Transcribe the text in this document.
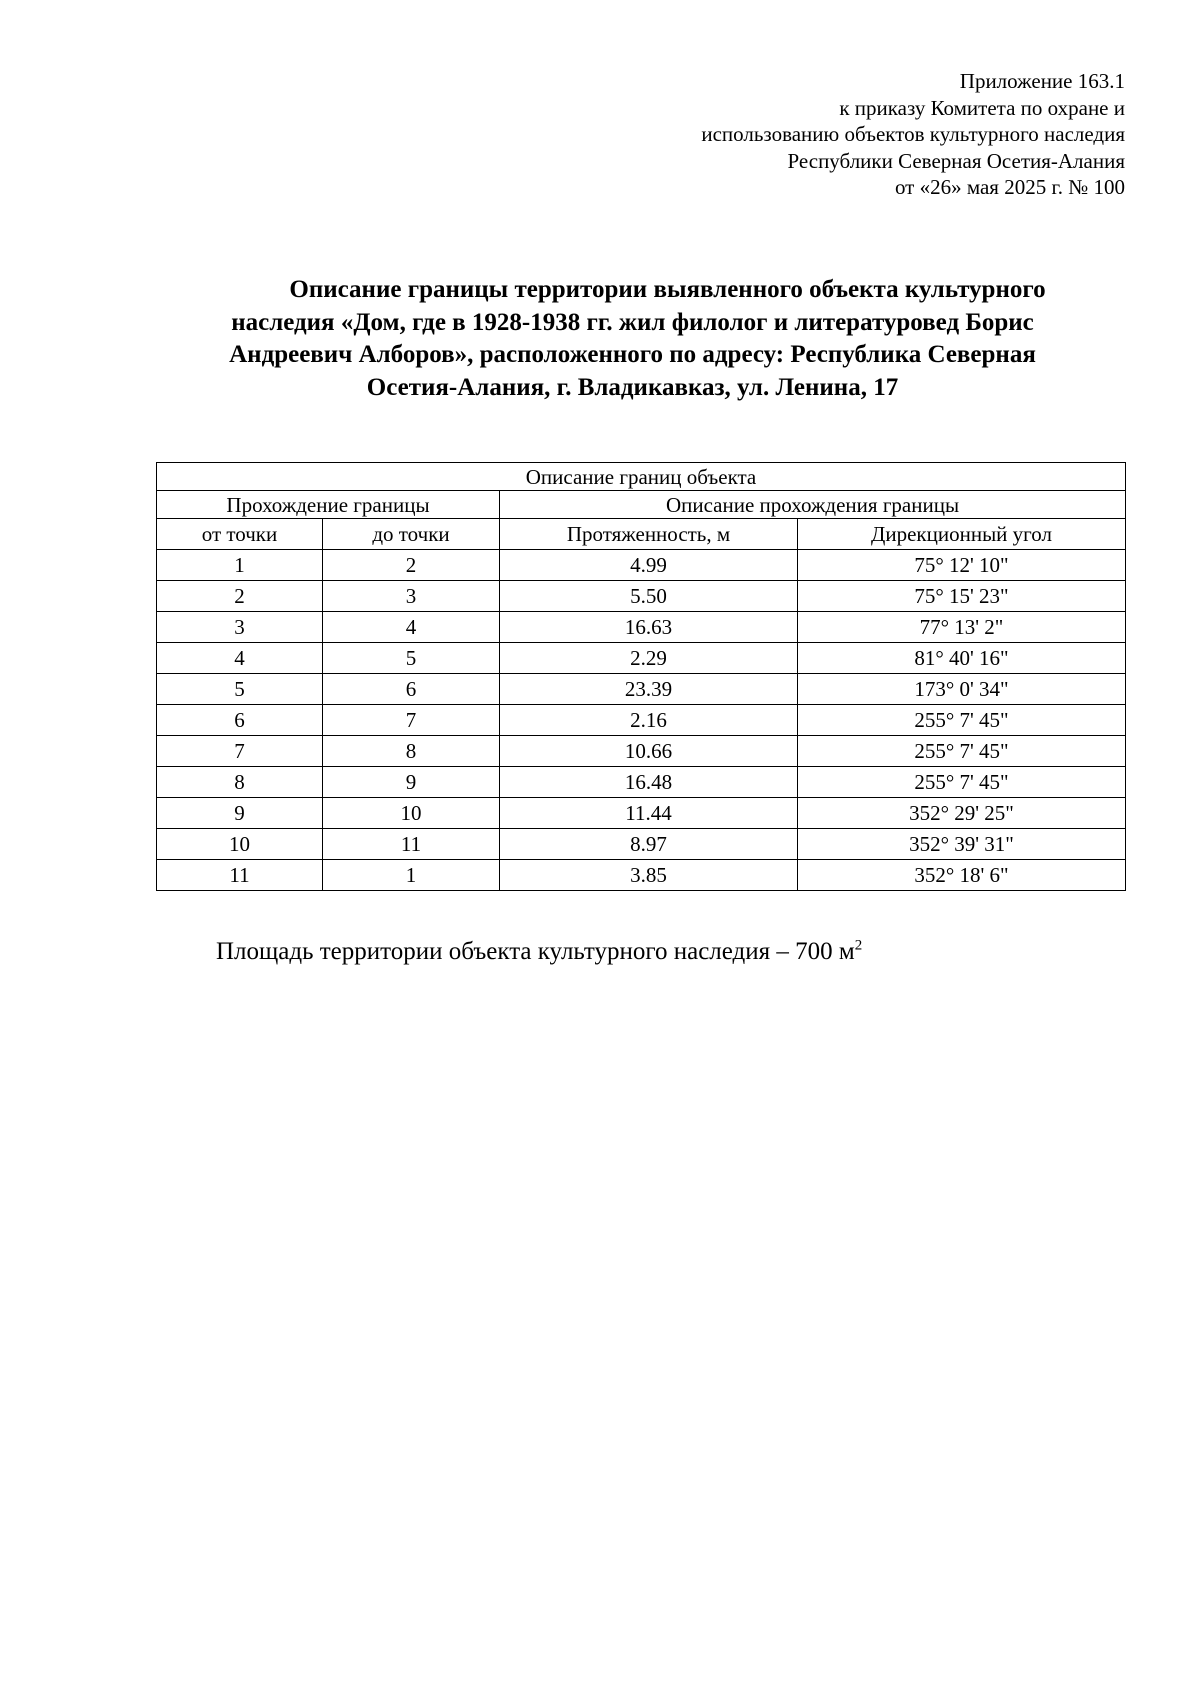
Приложение 163.1
к приказу Комитета по охране и
использованию объектов культурного наследия
Республики Северная Осетия-Алания
от «26» мая 2025 г. № 100
Описание границы территории выявленного объекта культурного
наследия «Дом, где в 1928-1938 гг. жил филолог и литературовед Борис
Андреевич Алборов», расположенного по адресу: Республика Северная
Осетия-Алания, г. Владикавказ, ул. Ленина, 17
Описание границ объекта			
Прохождение границы		Описание прохождения границы	
от точки	до точки	Протяженность, м	Дирекционный угол
1	2	4.99	75° 12' 10"
2	3	5.50	75° 15' 23"
3	4	16.63	77° 13' 2"
4	5	2.29	81° 40' 16"
5	6	23.39	173° 0' 34"
6	7	2.16	255° 7' 45"
7	8	10.66	255° 7' 45"
8	9	16.48	255° 7' 45"
9	10	11.44	352° 29' 25"
10	11	8.97	352° 39' 31"
11	1	3.85	352° 18' 6"
Площадь территории объекта культурного наследия – 700 $м^2$
